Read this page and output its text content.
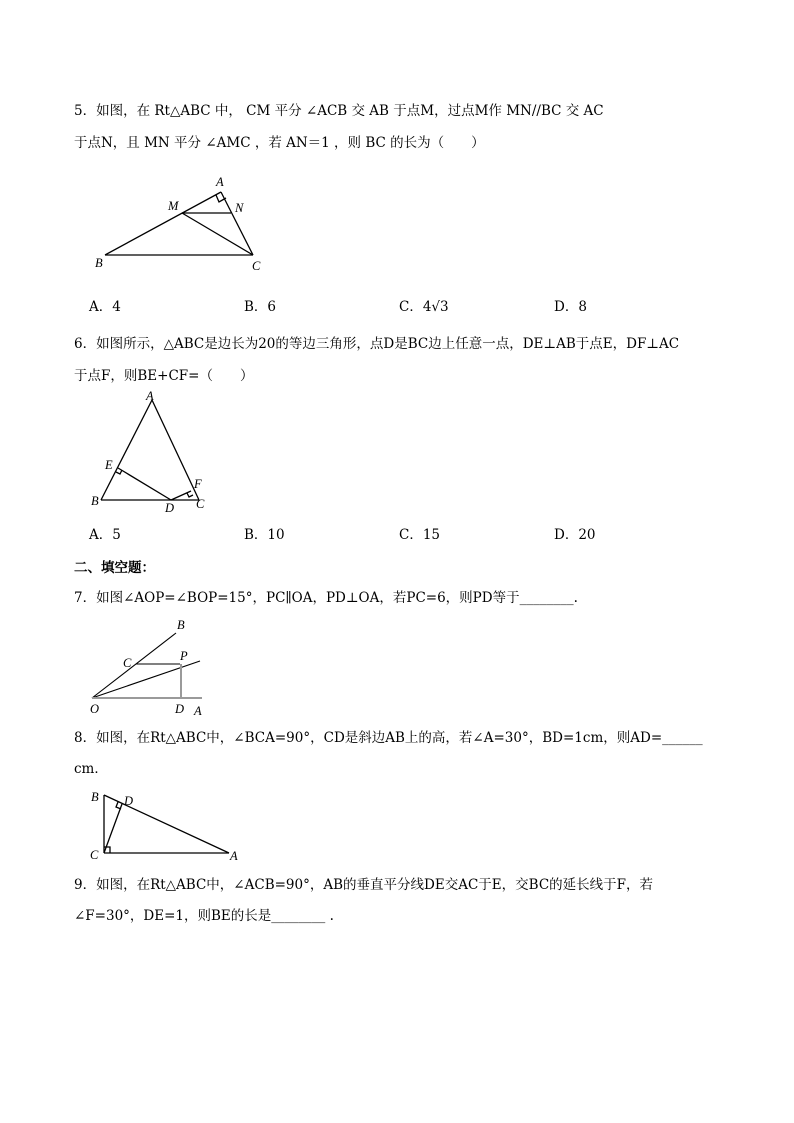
5．如图，在 Rt△ABC 中， CM 平分 ∠ACB 交 AB 于点M，过点M作 MN//BC 交 AC
于点N，且 MN 平分 ∠AMC ，若 AN＝1 ，则 BC 的长为（　　）
A
M	N
B	C
A．4	B．6	C．4√3	D．8
6．如图所示，△ABC是边长为20的等边三角形，点D是BC边上任意一点，DE⊥AB于点E，DF⊥AC
于点F，则BE+CF=（　　）
A
E
F
B	D C
A．5	B．10	C．15	D．20
二、填空题：
7．如图∠AOP=∠BOP=15°，PC∥OA，PD⊥OA，若PC=6，则PD等于________.
B
C	P
O	D A
8．如图，在Rt△ABC中，∠BCA=90°，CD是斜边AB上的高，若∠A=30°，BD=1cm，则AD=______
cm．
B D
C	A
9．如图，在Rt△ABC中，∠ACB=90°，AB的垂直平分线DE交AC于E，交BC的延长线于F，若
∠F=30°，DE=1，则BE的长是________ .
